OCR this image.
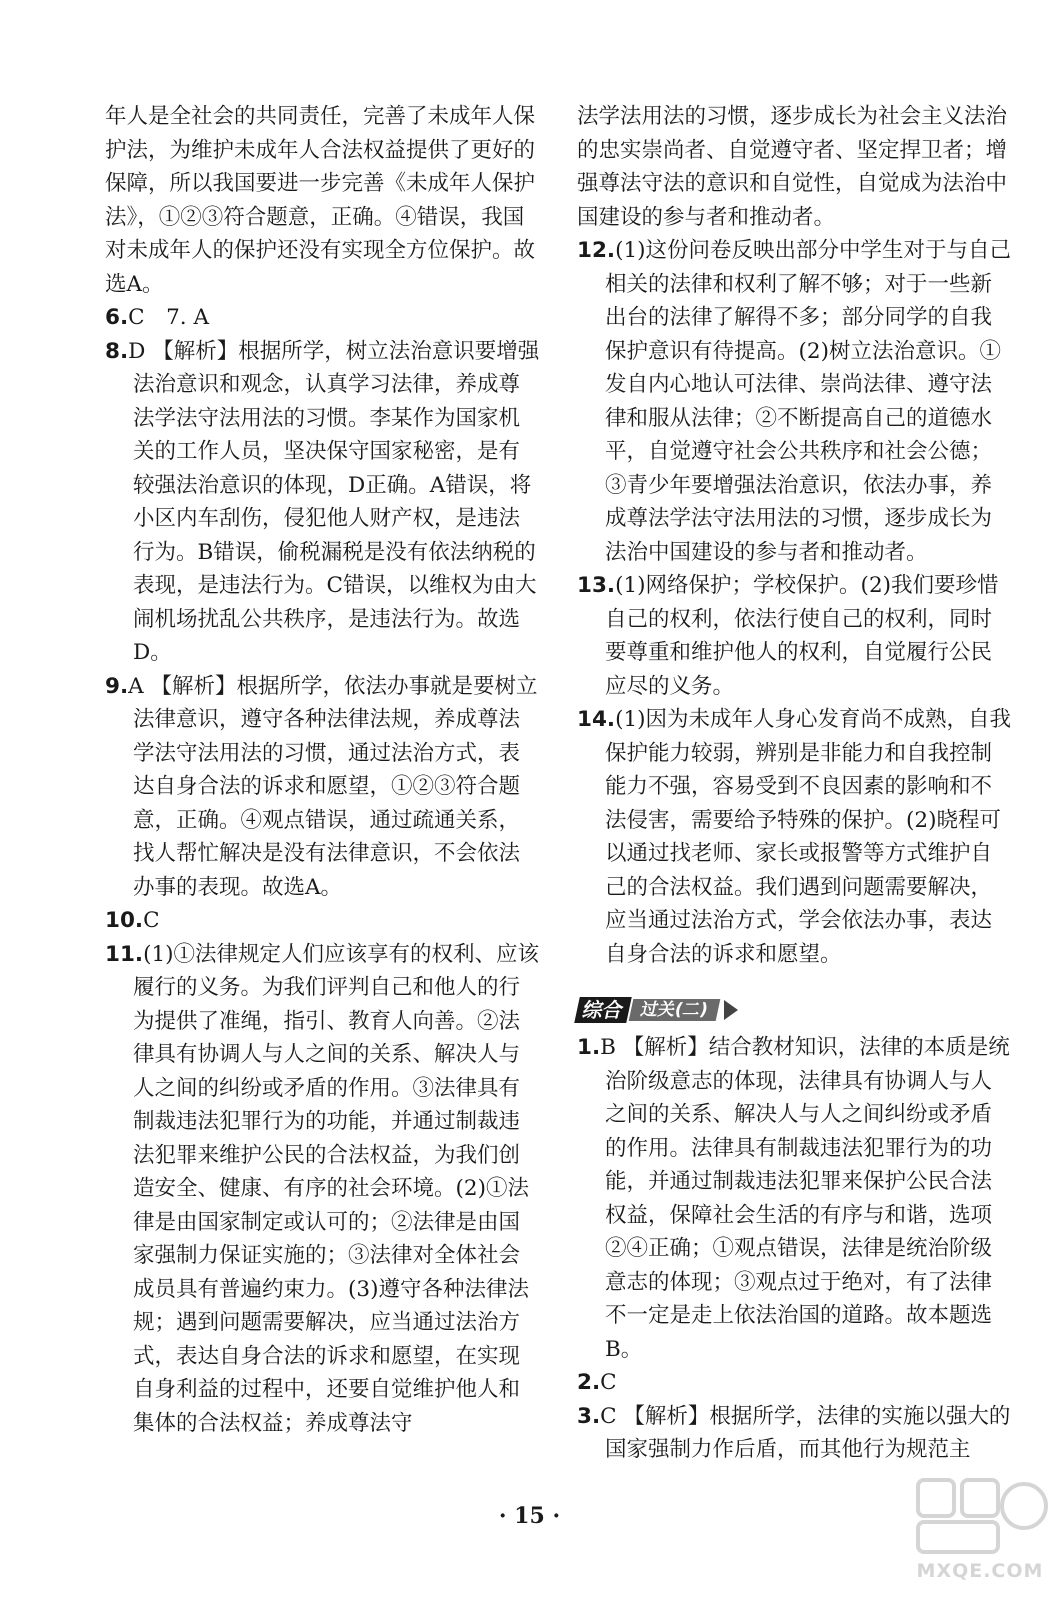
年人是全社会的共同责任，完善了未成年人保护法，为维护未成年人合法权益提供了更好的保障，所以我国要进一步完善《未成年人保护法》，①②③符合题意，正确。④错误，我国对未成年人的保护还没有实现全方位保护。故选A。

6.C　7. A

8.D 【解析】根据所学，树立法治意识要增强法治意识和观念，认真学习法律，养成尊法学法守法用法的习惯。李某作为国家机关的工作人员，坚决保守国家秘密，是有较强法治意识的体现，D正确。A错误，将小区内车刮伤，侵犯他人财产权，是违法行为。B错误，偷税漏税是没有依法纳税的表现，是违法行为。C错误，以维权为由大闹机场扰乱公共秩序，是违法行为。故选D。

9.A 【解析】根据所学，依法办事就是要树立法律意识，遵守各种法律法规，养成尊法学法守法用法的习惯，通过法治方式，表达自身合法的诉求和愿望，①②③符合题意，正确。④观点错误，通过疏通关系，找人帮忙解决是没有法律意识，不会依法办事的表现。故选A。

10.C

11.(1)①法律规定人们应该享有的权利、应该履行的义务。为我们评判自己和他人的行为提供了准绳，指引、教育人向善。②法律具有协调人与人之间的关系、解决人与人之间的纠纷或矛盾的作用。③法律具有制裁违法犯罪行为的功能，并通过制裁违法犯罪来维护公民的合法权益，为我们创造安全、健康、有序的社会环境。(2)①法律是由国家制定或认可的；②法律是由国家强制力保证实施的；③法律对全体社会成员具有普遍约束力。(3)遵守各种法律法规；遇到问题需要解决，应当通过法治方式，表达自身合法的诉求和愿望，在实现自身利益的过程中，还要自觉维护他人和集体的合法权益；养成尊法守

法学法用法的习惯，逐步成长为社会主义法治的忠实崇尚者、自觉遵守者、坚定捍卫者；增强尊法守法的意识和自觉性，自觉成为法治中国建设的参与者和推动者。

12.(1)这份问卷反映出部分中学生对于与自己相关的法律和权利了解不够；对于一些新出台的法律了解得不多；部分同学的自我保护意识有待提高。(2)树立法治意识。①发自内心地认可法律、崇尚法律、遵守法律和服从法律；②不断提高自己的道德水平，自觉遵守社会公共秩序和社会公德；③青少年要增强法治意识，依法办事，养成尊法学法守法用法的习惯，逐步成长为法治中国建设的参与者和推动者。

13.(1)网络保护；学校保护。(2)我们要珍惜自己的权利，依法行使自己的权利，同时要尊重和维护他人的权利，自觉履行公民应尽的义务。

14.(1)因为未成年人身心发育尚不成熟，自我保护能力较弱，辨别是非能力和自我控制能力不强，容易受到不良因素的影响和不法侵害，需要给予特殊的保护。(2)晓程可以通过找老师、家长或报警等方式维护自己的合法权益。我们遇到问题需要解决，应当通过法治方式，学会依法办事，表达自身合法的诉求和愿望。

综合 过关(二)

1.B 【解析】结合教材知识，法律的本质是统治阶级意志的体现，法律具有协调人与人之间的关系、解决人与人之间纠纷或矛盾的作用。法律具有制裁违法犯罪行为的功能，并通过制裁违法犯罪来保护公民合法权益，保障社会生活的有序与和谐，选项②④正确；①观点错误，法律是统治阶级意志的体现；③观点过于绝对，有了法律不一定是走上依法治国的道路。故本题选B。

2.C

3.C 【解析】根据所学，法律的实施以强大的国家强制力作后盾，而其他行为规范主

· 15 ·
MXQE.COM
